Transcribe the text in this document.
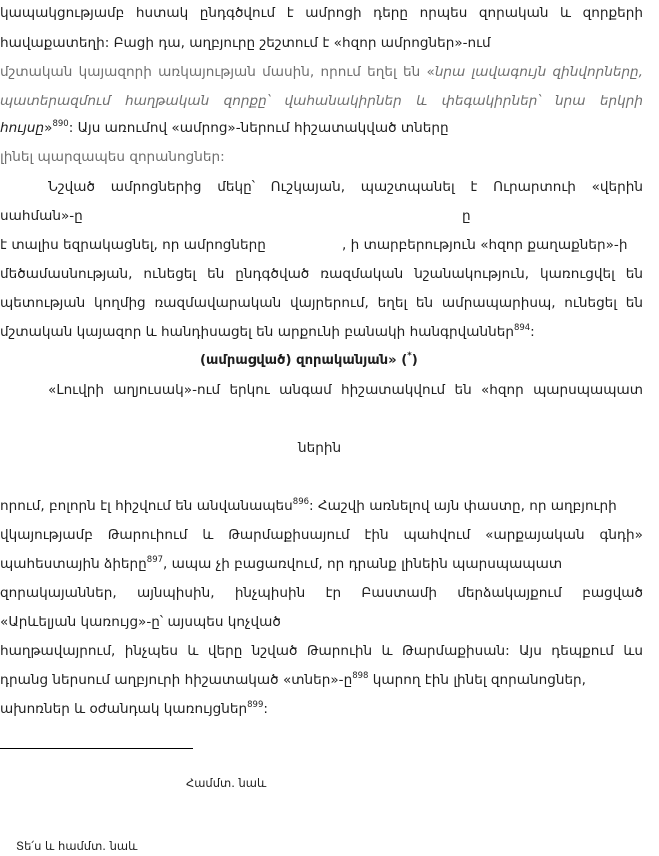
կապակցությամբ հստակ ընդգծվում է ամրոցի դերը որպես զորական և զորքերի
հավաքատեղի: Բացի դա, աղբյուրը շեշտում է «հզոր ամրոցներ»-ում
մշտական կայազորի առկայության մասին, որում եղել են «նրա լավագույն զինվորները,
պատերազմում հաղթական զորքը՝ վահանակիրներ և փեգակիրներ՝ նրա երկրի
հույսը»$^{890}$: Այս առումով «ամրոց»-ներում հիշատակված տները
լինել պարզապես զորանոցներ:
Նշված ամրոցներից մեկը՝ Ուշկայան, պաշտպանել է Ուրարտուի «վերին
սահման»-ը	ը
է տալիս եզրակացնել, որ ամրոցները	, ի տարբերություն «հզոր քաղաքներ»-ի
մեծամասնության, ունեցել են ընդգծված ռազմական նշանակություն, կառուցվել են
պետության կողմից ռազմավարական վայրերում, եղել են ամրապարիսպ, ունեցել են
մշտական կայազոր և հանդիսացել են արքունի բանակի հանգրվաններ$^{894}$:
(ամրացված) զորականյան» (*)
«Լուվրի աղյուսակ»-ում երկու անգամ հիշատակվում են «հզոր պարսպապատ
ներին
որում, բոլորն էլ հիշվում են անվանապես$^{896}$: Հաշվի առնելով այն փաստը, որ աղբյուրի
վկայությամբ Թարուիում և Թարմաքիսայում էին պահվում «արքայական գնդի»
պահեստային ձիերը$^{897}$, ապա չի բացառվում, որ դրանք լինեին պարսպապատ
զորակայաններ, այնպիսին, ինչպիսին էր Բաստամի մերձակայքում բացված
«Արևելյան կառույց»-ը՝ այսպես կոչված
հաղթավայրում, ինչպես և վերը նշված Թարուին և Թարմաքիսան: Այս դեպքում ևս
դրանց ներսում աղբյուրի հիշատակած «տներ»-ը$^{898}$ կարող էին լինել զորանոցներ,
ախոռներ և օժանդակ կառույցներ$^{899}$:
Համմտ. նաև
Տե՛ս և համմտ. նաև
